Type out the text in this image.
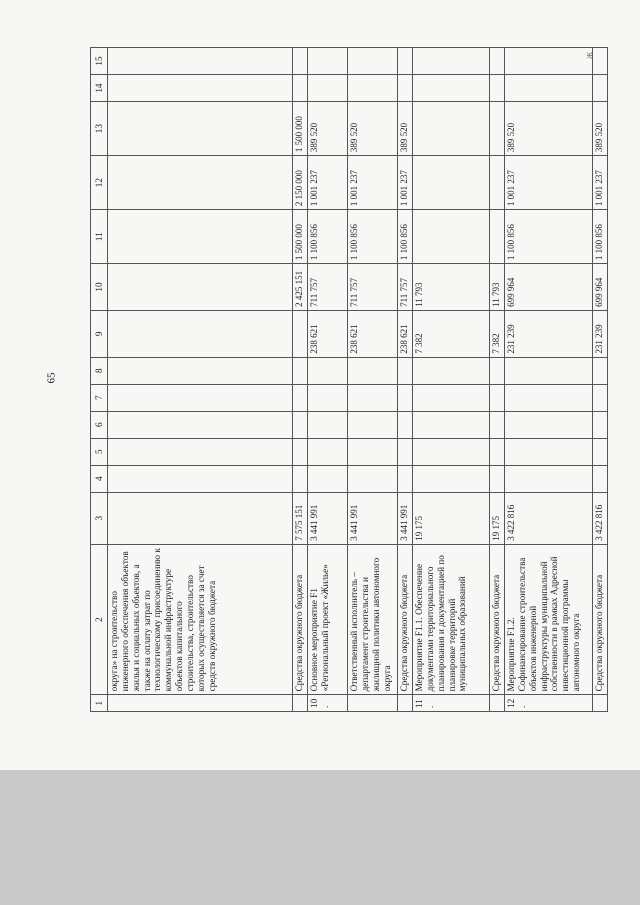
65
ж
1	2	3	4	5	6	7	8	9	10	11	12	13	14	15
	округа» на строительство инженерного обеспечения объектов жилья и социальных объектов, а также на оплату затрат по технологическому присоединению к коммунальной инфраструктуре объектов капитального строительства, строительство которых осуществляется за счет средств окружного бюджета													
	Средства окружного бюджета	7 575 151							2 425 151	1 500 000	2 150 000	1 500 000		
10.	Основное мероприятие F1 «Региональный проект «Жилье»	3 441 991						238 621	711 757	1 100 856	1 001 237	389 520		
	Ответственный исполнитель – департамент строительства и жилищной политики автономного округа	3 441 991						238 621	711 757	1 100 856	1 001 237	389 520		
	Средства окружного бюджета	3 441 991						238 621	711 757	1 100 856	1 001 237	389 520		
11.	Мероприятие F1.1. Обеспечение документами территориального планирования и документацией по планировке территорий муниципальных образований	19 175						7 382	11 793					
	Средства окружного бюджета	19 175						7 382	11 793					
12.	Мероприятие F1.2. Софинансирование строительства объектов инженерной инфраструктуры муниципальной собственности в рамках Адресной инвестиционной программы автономного округа	3 422 816						231 239	699 964	1 100 856	1 001 237	389 520		
	Средства окружного бюджета	3 422 816						231 239	699 964	1 100 856	1 001 237	389 520		
